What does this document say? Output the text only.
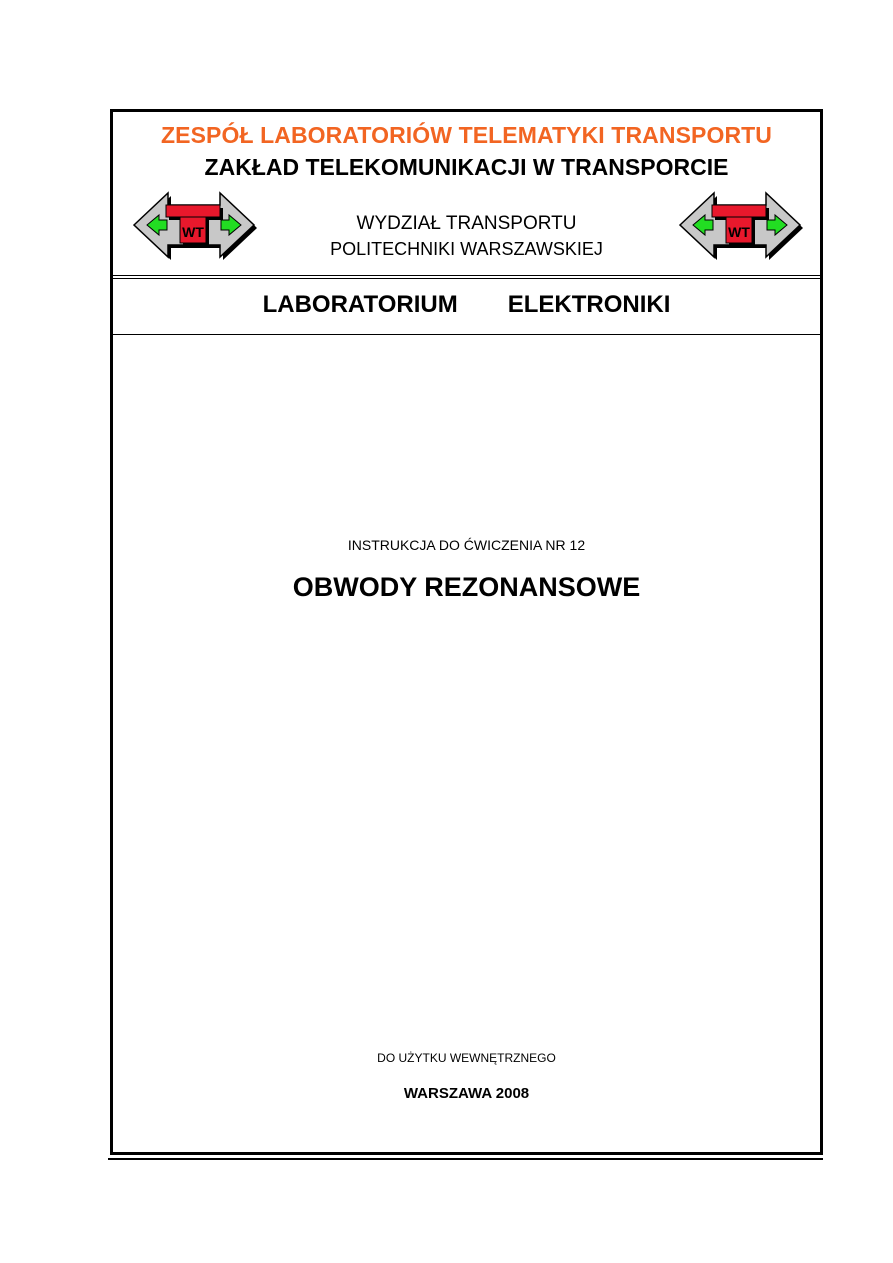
ZESPÓŁ LABORATORIÓW TELEMATYKI TRANSPORTU
ZAKŁAD TELEKOMUNIKACJI W TRANSPORCIE
WYDZIAŁ TRANSPORTU
POLITECHNIKI WARSZAWSKIEJ
WT	WT
LABORATORIUM   ELEKTRONIKI
INSTRUKCJA DO ĆWICZENIA NR 12
OBWODY REZONANSOWE
DO UŻYTKU WEWNĘTRZNEGO
WARSZAWA 2008
